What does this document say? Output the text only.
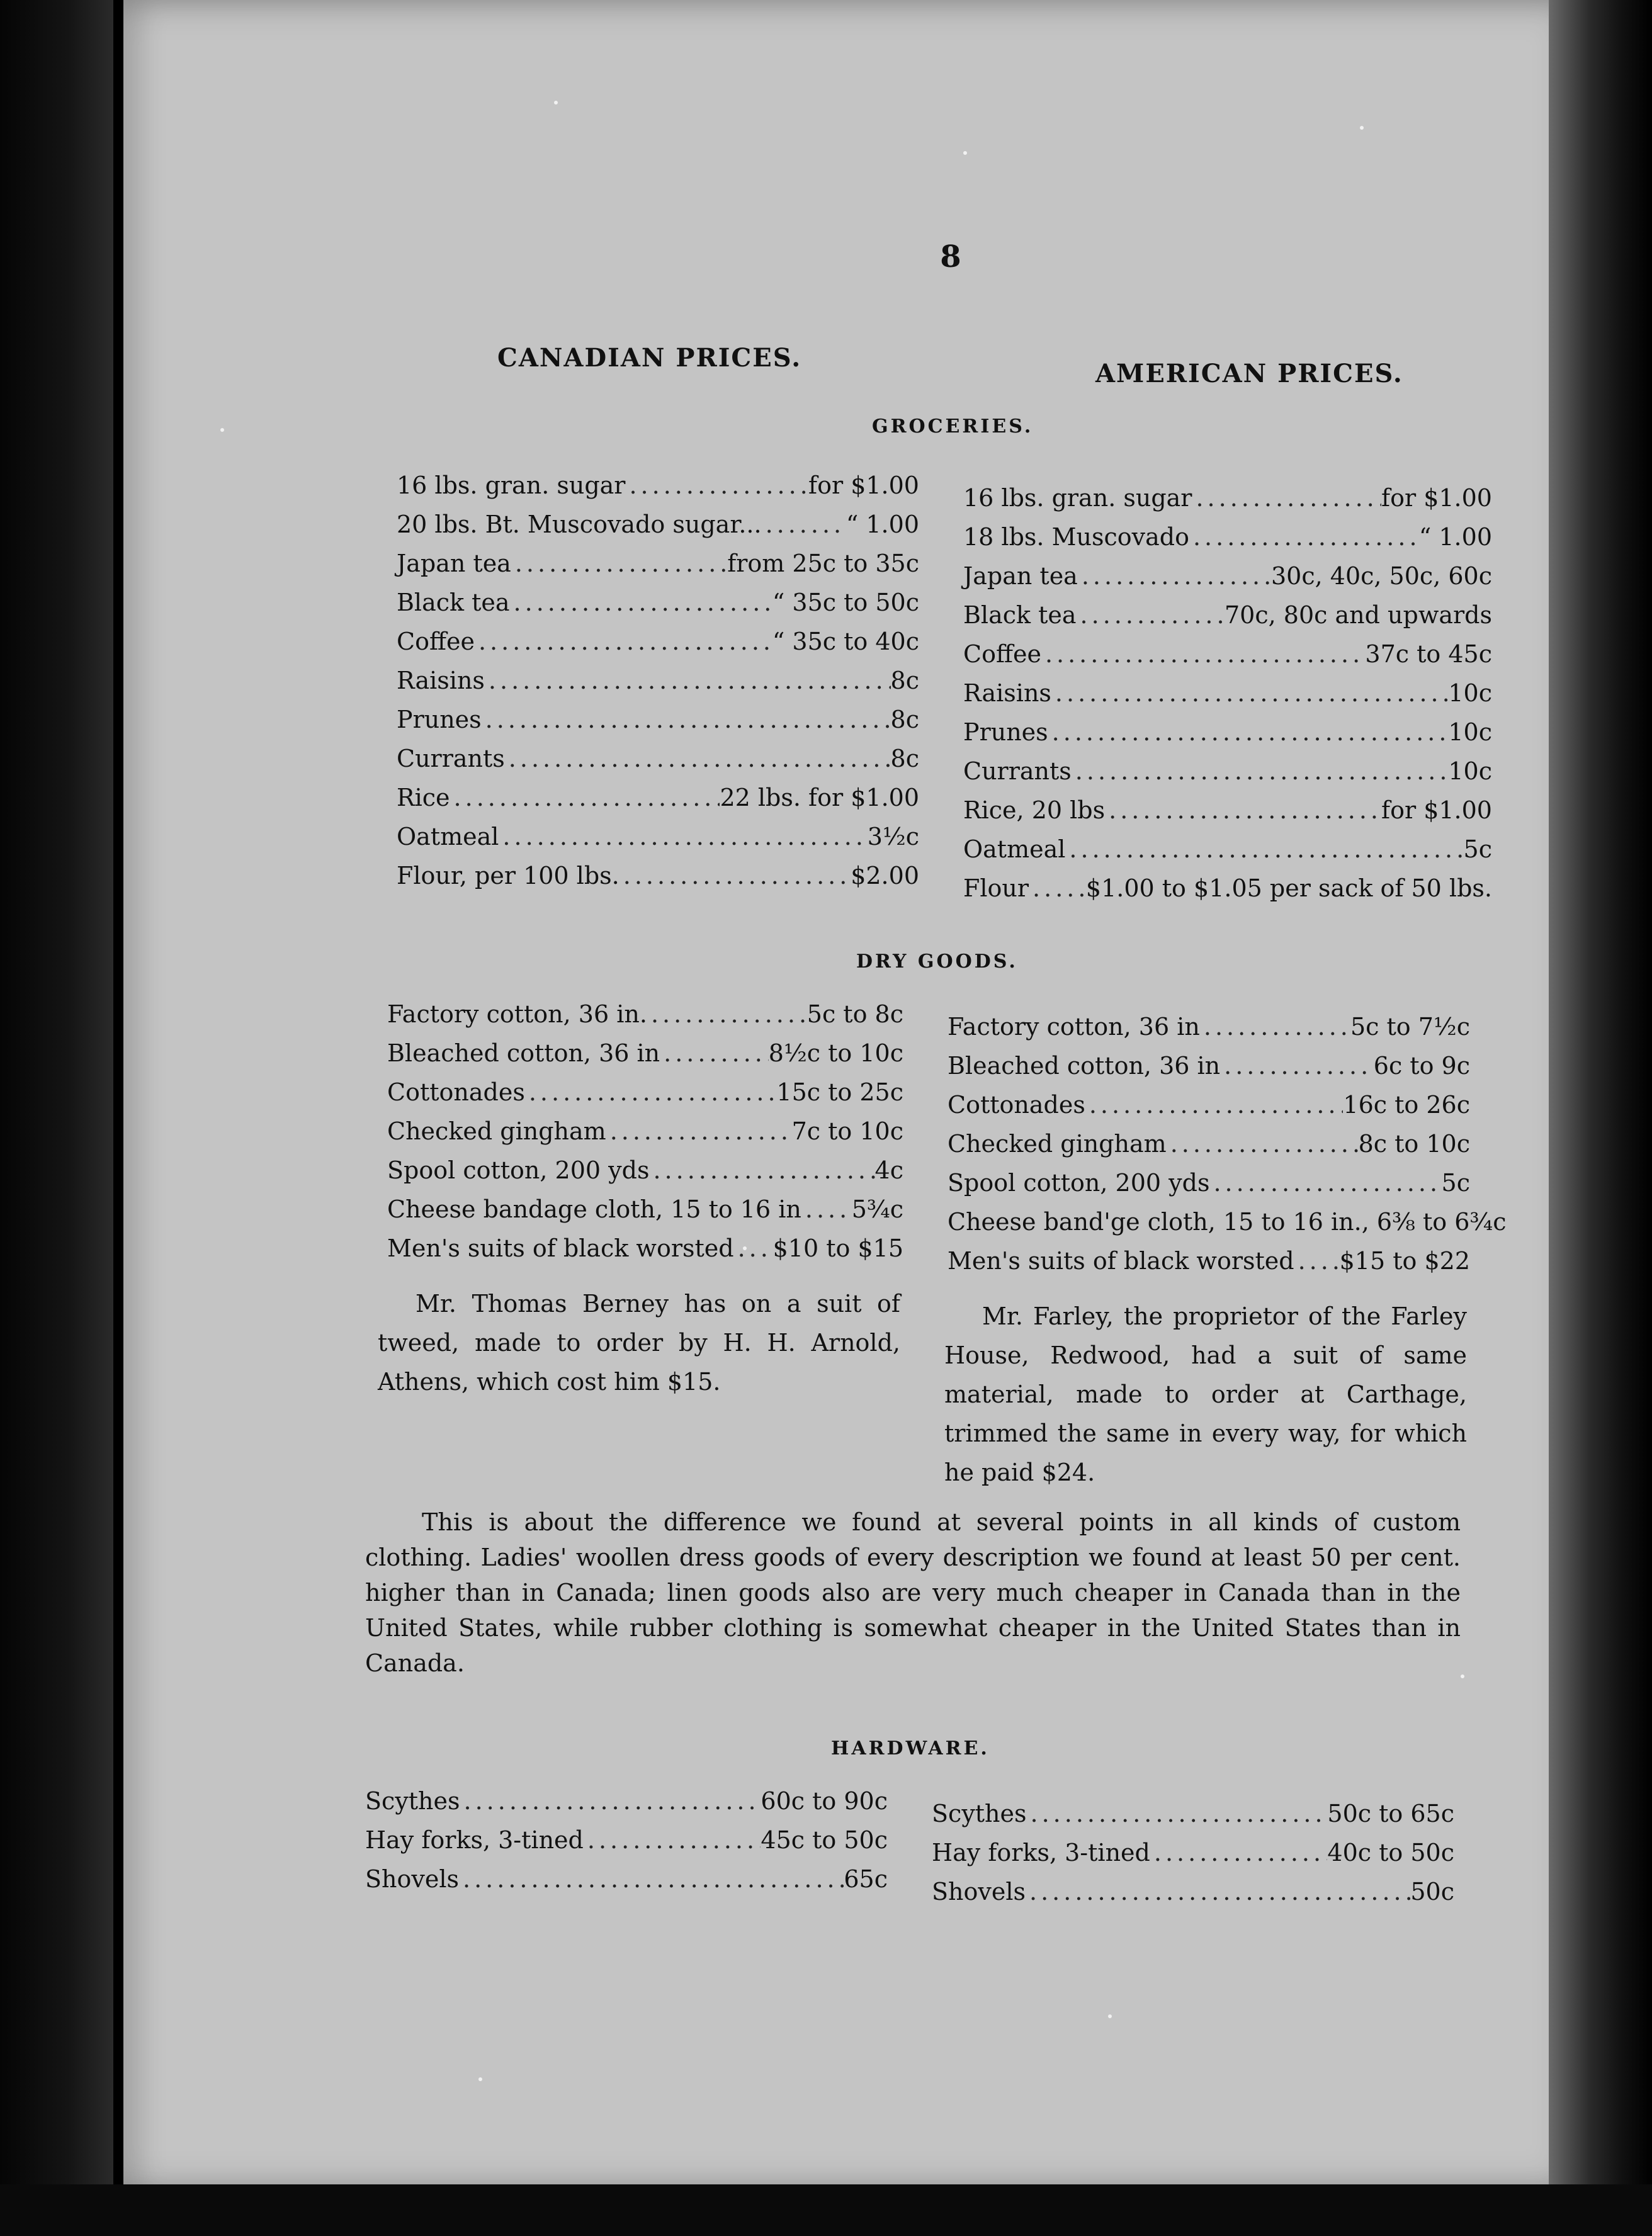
8
CANADIAN PRICES.
AMERICAN PRICES.
GROCERIES.
16 lbs. gran. sugar .....	for $1.00
20 lbs. Bt. Muscovado sugar... .....	“ 1.00
Japan tea .....	from 25c to 35c
Black tea .....	“ 35c to 50c
Coffee .....	“ 35c to 40c
Raisins .....	8c
Prunes .....	8c
Currants .....	8c
Rice .....	22 lbs. for $1.00
Oatmeal .....	3½c
Flour, per 100 lbs. .....	$2.00
16 lbs. gran. sugar .....	for $1.00
18 lbs. Muscovado .....	“ 1.00
Japan tea .....	30c, 40c, 50c, 60c
Black tea .....	70c, 80c and upwards
Coffee .....	37c to 45c
Raisins .....	10c
Prunes .....	10c
Currants .....	10c
Rice, 20 lbs .....	for $1.00
Oatmeal .....	5c
Flour ..... $1.00 to $1.05 per sack of 50 lbs.
DRY GOODS.
Factory cotton, 36 in. .....	5c to 8c
Bleached cotton, 36 in .....	8½c to 10c
Cottonades .....	15c to 25c
Checked gingham .....	7c to 10c
Spool cotton, 200 yds .....	4c
Cheese bandage cloth, 15 to 16 in ..... 5¾c
Men's suits of black worsted ..... $10 to $15
Factory cotton, 36 in .....	5c to 7½c
Bleached cotton, 36 in .....	6c to 9c
Cottonades .....	16c to 26c
Checked gingham .....	8c to 10c
Spool cotton, 200 yds .....	5c
Cheese band'ge cloth, 15 to 16 in., 6⅜ to 6¾c
Men's suits of black worsted ..... $15 to $22
Mr. Thomas Berney has on a suit of tweed, made to order by H. H. Arnold, Athens, which cost him $15.
Mr. Farley, the proprietor of the Farley House, Redwood, had a suit of same material, made to order at Carthage, trimmed the same in every way, for which he paid $24.
This is about the difference we found at several points in all kinds of custom clothing. Ladies' woollen dress goods of every description we found at least 50 per cent. higher than in Canada; linen goods also are very much cheaper in Canada than in the United States, while rubber clothing is somewhat cheaper in the United States than in Canada.
HARDWARE.
Scythes .....	60c to 90c
Hay forks, 3-tined .....	45c to 50c
Shovels .....	65c
Scythes .....	50c to 65c
Hay forks, 3-tined .....	40c to 50c
Shovels .....	50c
